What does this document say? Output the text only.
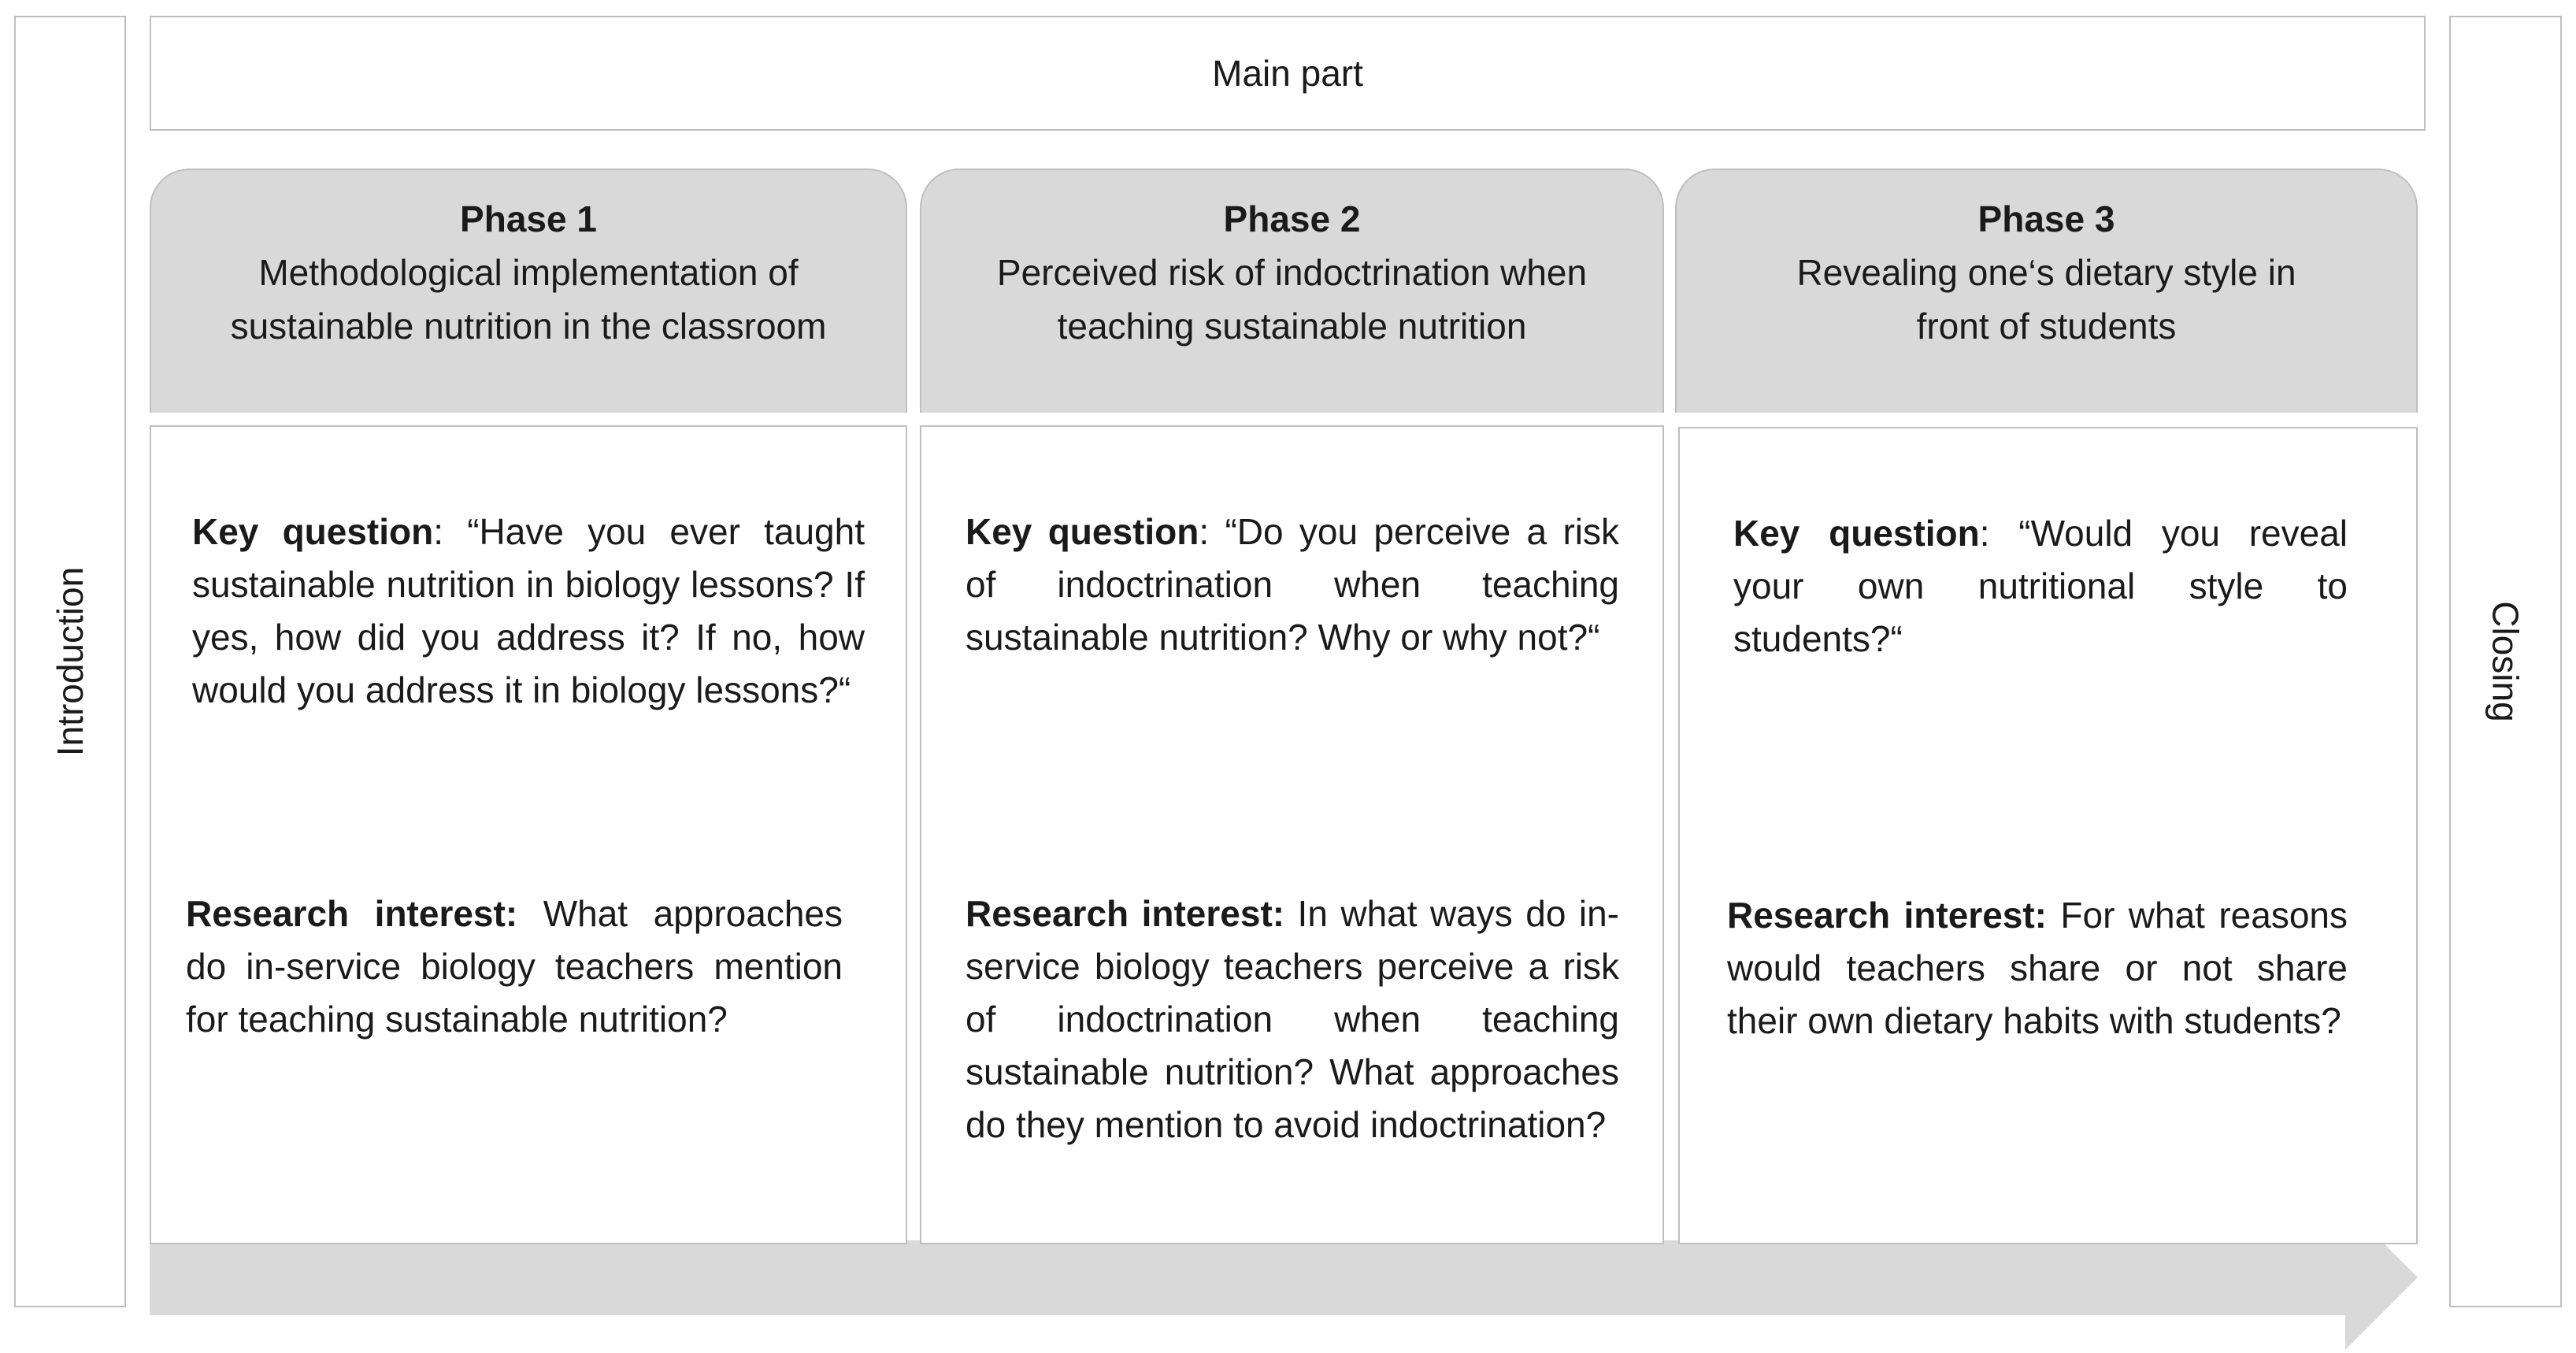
Introduction	Closing
Main part
Phase 1
Methodological implementation of sustainable nutrition in the classroom

Key question: “Have you ever taught sustainable nutrition in biology lessons? If yes, how did you address it? If no, how would you address it in biology lessons?“

Research interest: What approaches do in-service biology teachers mention for teaching sustainable nutrition?

Phase 2
Perceived risk of indoctrination when teaching sustainable nutrition

Key question: “Do you perceive a risk of indoctrination when teaching sustainable nutrition? Why or why not?“

Research interest: In what ways do in-service biology teachers perceive a risk of indoctrination when teaching sustainable nutrition? What approaches do they mention to avoid indoctrination?

Phase 3
Revealing one‘s dietary style in front of students

Key question: “Would you reveal your own nutritional style to students?“

Research interest: For what reasons would teachers share or not share their own dietary habits with students?
